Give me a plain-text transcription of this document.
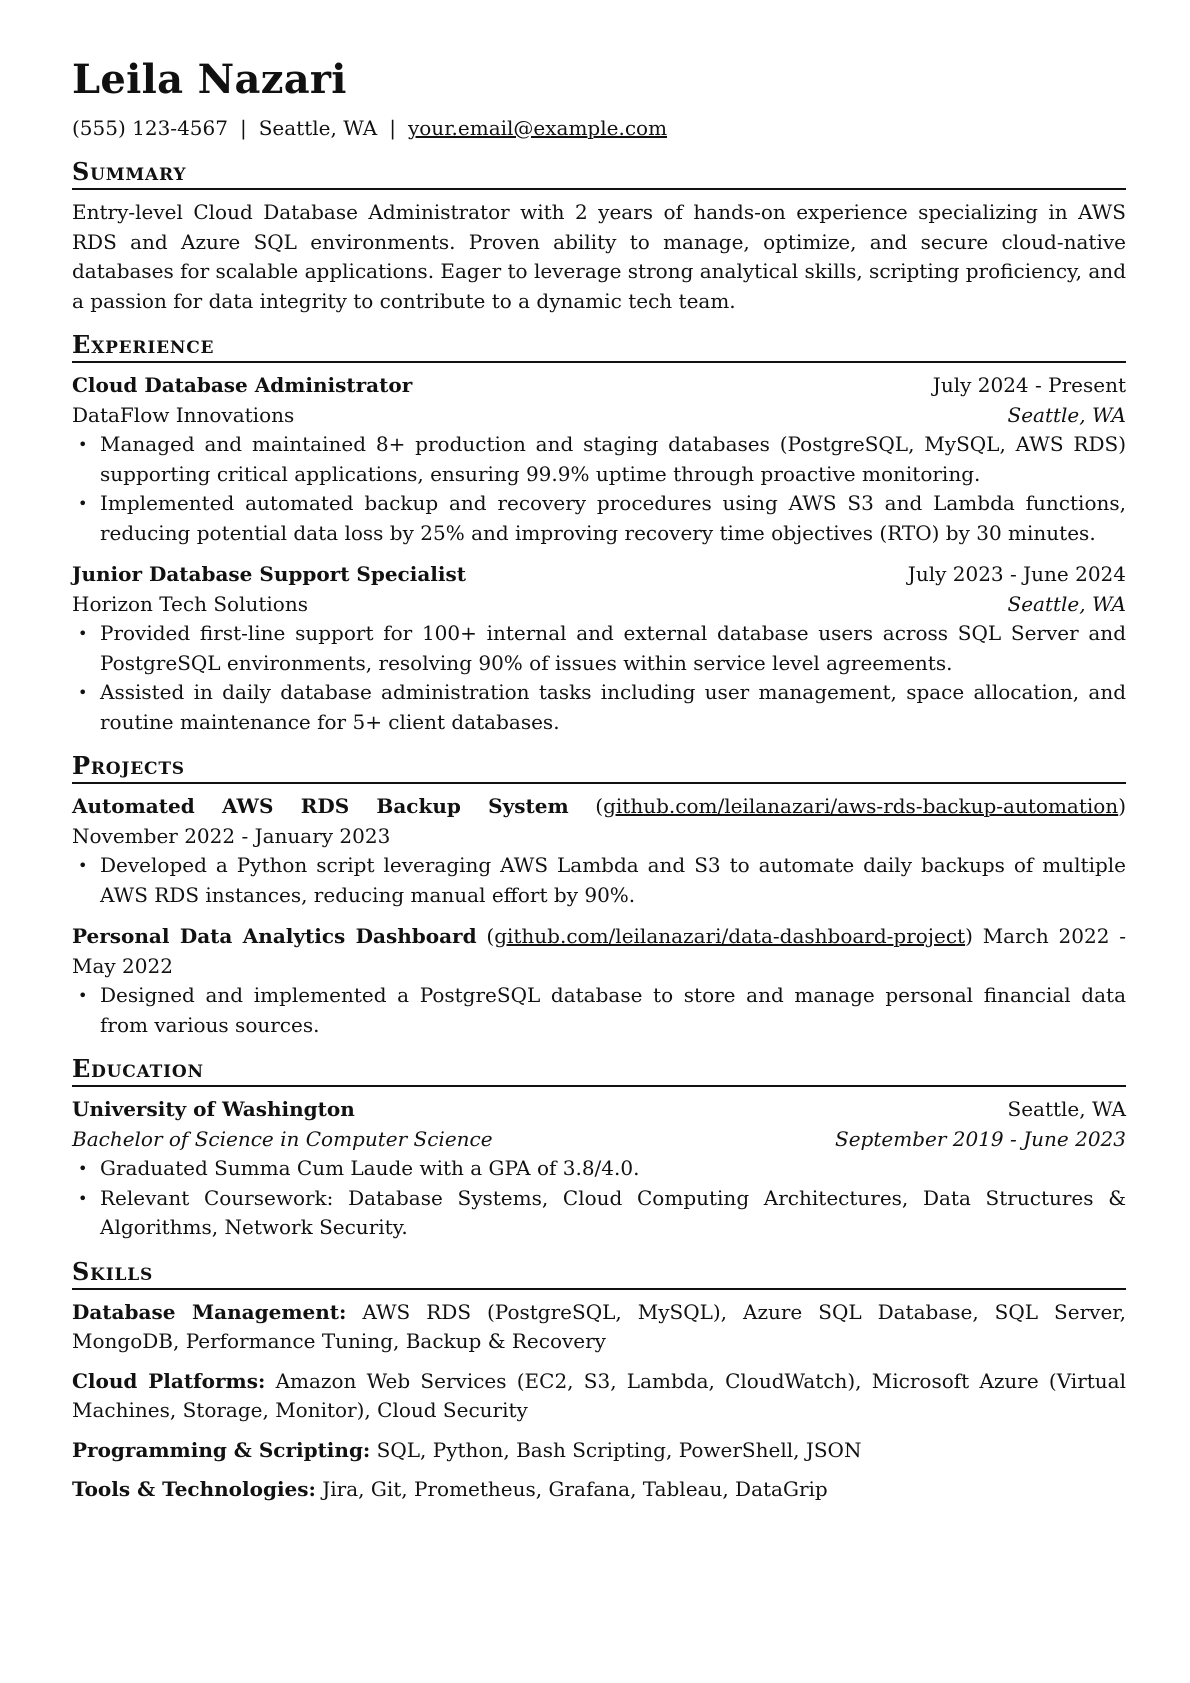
Leila Nazari
(555) 123-4567 | Seattle, WA | your.email@example.com
Summary

Entry-level Cloud Database Administrator with 2 years of hands-on experience specializing in AWS RDS and Azure SQL environments. Proven ability to manage, optimize, and secure cloud-native databases for scalable applications. Eager to leverage strong analytical skills, scripting proficiency, and a passion for data integrity to contribute to a dynamic tech team.

Experience
Cloud Database Administrator	July 2024 - Present
DataFlow Innovations	Seattle, WA
• Managed and maintained 8+ production and staging databases (PostgreSQL, MySQL, AWS RDS) supporting critical applications, ensuring 99.9% uptime through proactive monitoring.
• Implemented automated backup and recovery procedures using AWS S3 and Lambda functions, reducing potential data loss by 25% and improving recovery time objectives (RTO) by 30 minutes.
Junior Database Support Specialist	July 2023 - June 2024
Horizon Tech Solutions	Seattle, WA
• Provided first-line support for 100+ internal and external database users across SQL Server and PostgreSQL environments, resolving 90% of issues within service level agreements.
• Assisted in daily database administration tasks including user management, space allocation, and routine maintenance for 5+ client databases.
Projects
Automated AWS RDS Backup System (github.com/leilanazari/aws-rds-backup-automation) November 2022 - January 2023
• Developed a Python script leveraging AWS Lambda and S3 to automate daily backups of multiple AWS RDS instances, reducing manual effort by 90%.
Personal Data Analytics Dashboard (github.com/leilanazari/data-dashboard-project) March 2022 - May 2022
• Designed and implemented a PostgreSQL database to store and manage personal financial data from various sources.
Education
University of Washington	Seattle, WA
Bachelor of Science in Computer Science	September 2019 - June 2023
• Graduated Summa Cum Laude with a GPA of 3.8/4.0.
• Relevant Coursework: Database Systems, Cloud Computing Architectures, Data Structures & Algorithms, Network Security.
Skills

Database Management: AWS RDS (PostgreSQL, MySQL), Azure SQL Database, SQL Server, MongoDB, Performance Tuning, Backup & Recovery

Cloud Platforms: Amazon Web Services (EC2, S3, Lambda, CloudWatch), Microsoft Azure (Virtual Machines, Storage, Monitor), Cloud Security

Programming & Scripting: SQL, Python, Bash Scripting, PowerShell, JSON

Tools & Technologies: Jira, Git, Prometheus, Grafana, Tableau, DataGrip
